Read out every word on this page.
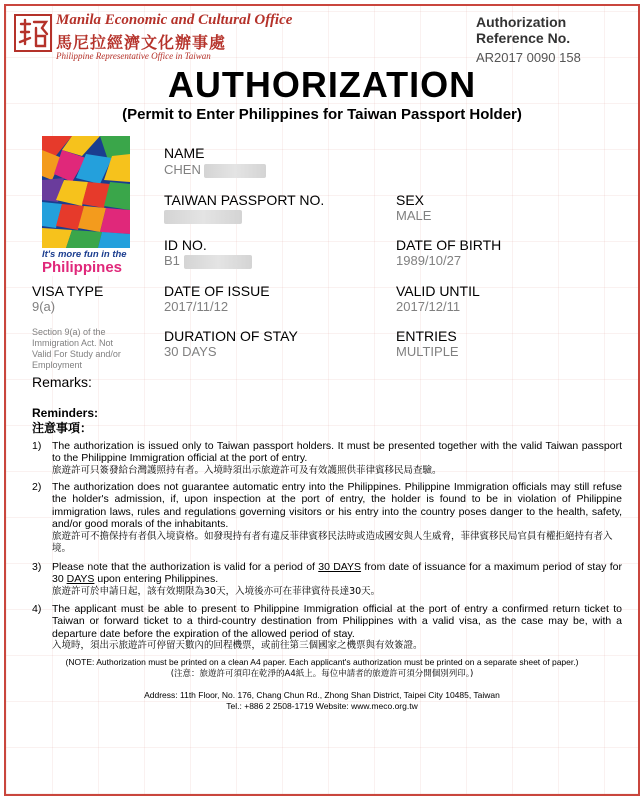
Manila Economic and Cultural Office
馬尼拉經濟文化辦事處
Philippine Representative Office in Taiwan
Authorization
Reference No.
AR2017 0090 158
AUTHORIZATION
(Permit to Enter Philippines for Taiwan Passport Holder)
It's more fun in the
Philippines
NAME
CHEN
TAIWAN PASSPORT NO.	SEX
MALE
ID NO.
B1
DATE OF BIRTH
1989/10/27
VISA TYPE
9(a)
DATE OF ISSUE
2017/11/12
VALID UNTIL
2017/12/11
Section 9(a) of the Immigration Act. Not Valid For Study and/or Employment
DURATION OF STAY
30 DAYS
ENTRIES
MULTIPLE
Remarks:
Reminders:
注意事項：
1) The authorization is issued only to Taiwan passport holders. It must be presented together with the valid Taiwan passport to the Philippine Immigration official at the port of entry.
旅遊許可只簽發給台灣護照持有者。入境時須出示旅遊許可及有效護照供菲律賓移民局查驗。
2) The authorization does not guarantee automatic entry into the Philippines. Philippine Immigration officials may still refuse the holder's admission, if, upon inspection at the port of entry, the holder is found to be in violation of Philippine immigration laws, rules and regulations governing visitors or his entry into the country poses danger to the health, safety, and/or good morals of the inhabitants.
旅遊許可不擔保持有者俱入境資格。如發現持有者有違反菲律賓移民法時或造成國安與人生威脅，菲律賓移民局官員有權拒絕持有者入境。
3) Please note that the authorization is valid for a period of 30 DAYS from date of issuance for a maximum period of stay for 30 DAYS upon entering Philippines.
旅遊許可於申請日起，該有效期限為30天，入境後亦可在菲律賓待長達30天。
4) The applicant must be able to present to Philippine Immigration official at the port of entry a confirmed return ticket to Taiwan or forward ticket to a third-country destination from Philippines with a valid visa, as the case may be, with a departure date before the expiration of the allowed period of stay.
入境時，須出示旅遊許可停留天數內的回程機票，或前往第三個國家之機票與有效簽證。
(NOTE: Authorization must be printed on a clean A4 paper. Each applicant's authorization must be printed on a separate sheet of paper.)
(注意：旅遊許可須印在乾淨的A4紙上。每位申請者的旅遊許可須分開個別列印。)
Address: 11th Floor, No. 176, Chang Chun Rd., Zhong Shan District, Taipei City 10485, Taiwan
Tel.: +886 2 2508-1719 Website: www.meco.org.tw
